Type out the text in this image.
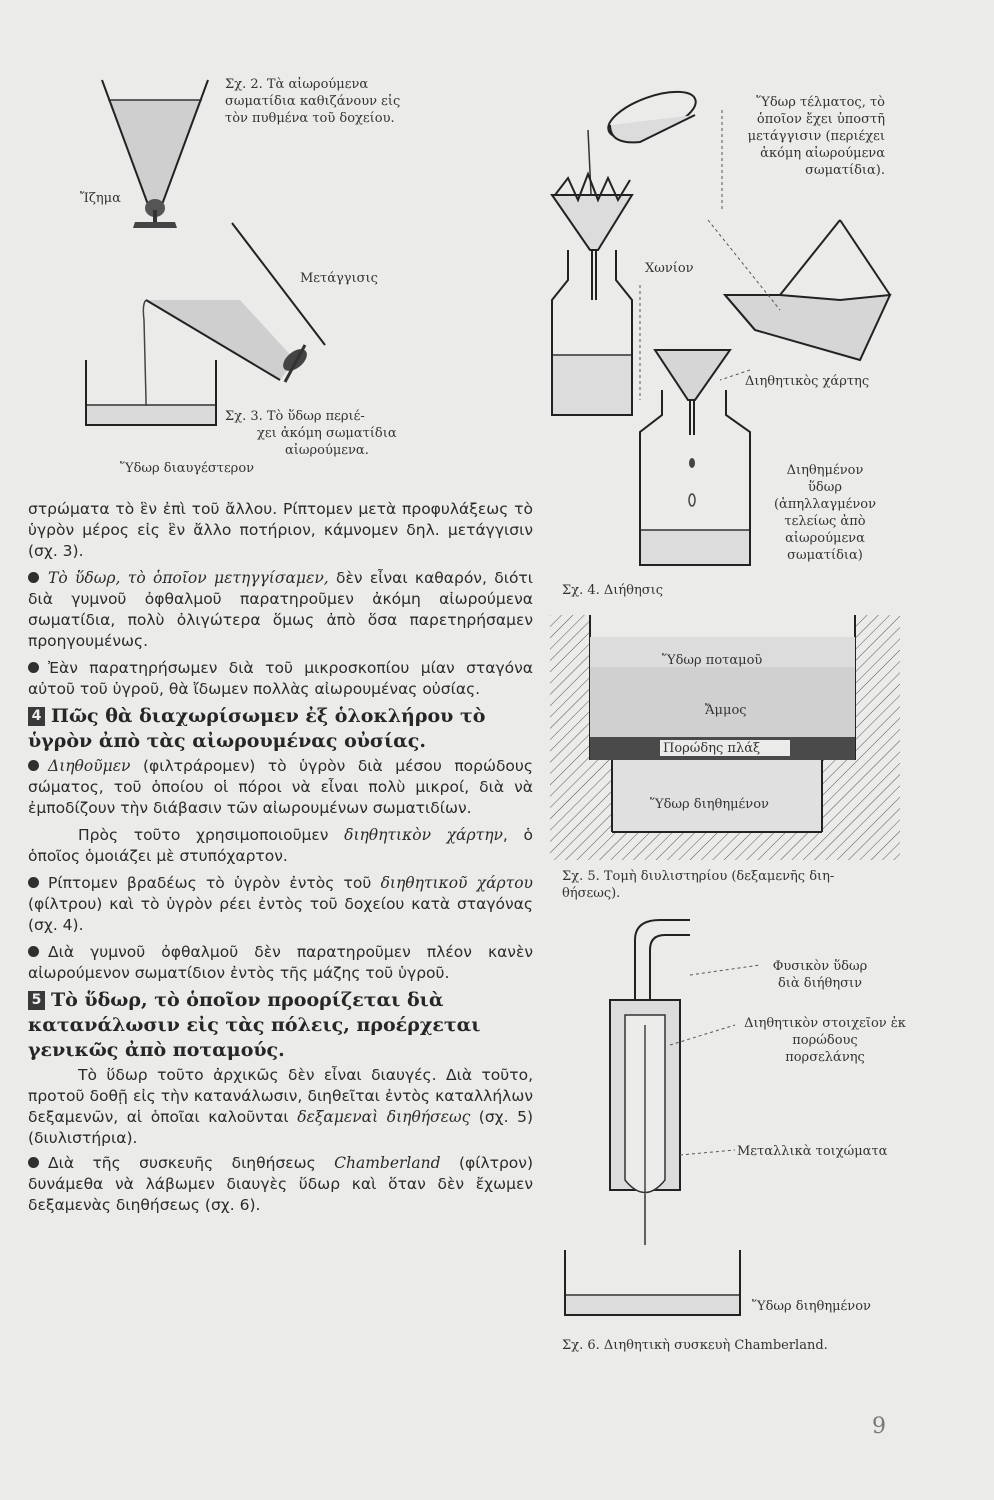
Ἴζημα
Σχ. 2. Τὰ αἰωρούμενα
σωματίδια καθιζάνουν εἰς
τὸν πυθμένα τοῦ δοχείου.
Μετάγγισις
Σχ. 3. Τὸ ὕδωρ περιέ-
χει ἀκόμη σωματίδια
αἰωρούμενα.
Ὕδωρ διαυγέστερον
Ὕδωρ τέλματος, τὸ
ὁποῖον ἔχει ὑποστῆ
μετάγγισιν (περιέχει
ἀκόμη αἰωρούμενα
σωματίδια).
Χωνίον
Διηθητικὸς χάρτης
Διηθημένον
ὕδωρ
(ἀπηλλαγμένον
τελείως ἀπὸ
αἰωρούμενα
σωματίδια)
Σχ. 4. Διήθησις
Ὕδωρ ποταμοῦ
Ἄμμος
Πορώδης πλάξ
Ὕδωρ διηθημένον
Σχ. 5. Τομὴ διυλιστηρίου (δεξαμενῆς διη-
θήσεως).
Φυσικὸν ὕδωρ
διὰ διήθησιν
Διηθητικὸν στοιχεῖον ἐκ
πορώδους
πορσελάνης
Μεταλλικὰ τοιχώματα
Ὕδωρ διηθημένον
Σχ. 6. Διηθητικὴ συσκευὴ Chamberland.

στρώματα τὸ ἓν ἐπὶ τοῦ ἄλλου. Ρίπτομεν μετὰ προφυλάξεως τὸ ὑγρὸν μέρος εἰς ἓν ἄλλο ποτήριον, κάμνομεν δηλ. μετάγγισιν (σχ. 3).

Τὸ ὕδωρ, τὸ ὁποῖον μετηγγίσαμεν, δὲν εἶναι καθαρόν, διότι διὰ γυμνοῦ ὀφθαλμοῦ παρατηροῦμεν ἀκόμη αἰωρούμενα σωματίδια, πολὺ ὀλιγώτερα ὅμως ἀπὸ ὅσα παρετηρήσαμεν προηγουμένως.

Ἐὰν παρατηρήσωμεν διὰ τοῦ μικροσκοπίου μίαν σταγόνα αὐτοῦ τοῦ ὑγροῦ, θὰ ἴδωμεν πολλὰς αἰωρουμένας οὐσίας.

4 Πῶς θὰ διαχωρίσωμεν ἐξ ὁλοκλήρου τὸ ὑγρὸν ἀπὸ τὰς αἰωρουμένας οὐσίας.

Διηθοῦμεν (φιλτράρομεν) τὸ ὑγρὸν διὰ μέσου πορώδους σώματος, τοῦ ὁποίου οἱ πόροι νὰ εἶναι πολὺ μικροί, διὰ νὰ ἐμποδίζουν τὴν διάβασιν τῶν αἰωρουμένων σωματιδίων.

Πρὸς τοῦτο χρησιμοποιοῦμεν διηθητικὸν χάρτην, ὁ ὁποῖος ὁμοιάζει μὲ στυπόχαρτον.

Ρίπτομεν βραδέως τὸ ὑγρὸν ἐντὸς τοῦ διηθητικοῦ χάρτου (φίλτρου) καὶ τὸ ὑγρὸν ρέει ἐντὸς τοῦ δοχείου κατὰ σταγόνας (σχ. 4).

Διὰ γυμνοῦ ὀφθαλμοῦ δὲν παρατηροῦμεν πλέον κανὲν αἰωρούμενον σωματίδιον ἐντὸς τῆς μάζης τοῦ ὑγροῦ.

5 Τὸ ὕδωρ, τὸ ὁποῖον προορίζεται διὰ κατανάλωσιν εἰς τὰς πόλεις, προέρχεται γενικῶς ἀπὸ ποταμούς.

Τὸ ὕδωρ τοῦτο ἀρχικῶς δὲν εἶναι διαυγές. Διὰ τοῦτο, προτοῦ δοθῇ εἰς τὴν κατανάλωσιν, διηθεῖται ἐντὸς καταλλήλων δεξαμενῶν, αἱ ὁποῖαι καλοῦνται δεξαμεναὶ διηθήσεως (σχ. 5) (διυλιστήρια).

Διὰ τῆς συσκευῆς διηθήσεως Chamberland (φίλτρον) δυνάμεθα νὰ λάβωμεν διαυγὲς ὕδωρ καὶ ὅταν δὲν ἔχωμεν δεξαμενὰς διηθήσεως (σχ. 6).

9
